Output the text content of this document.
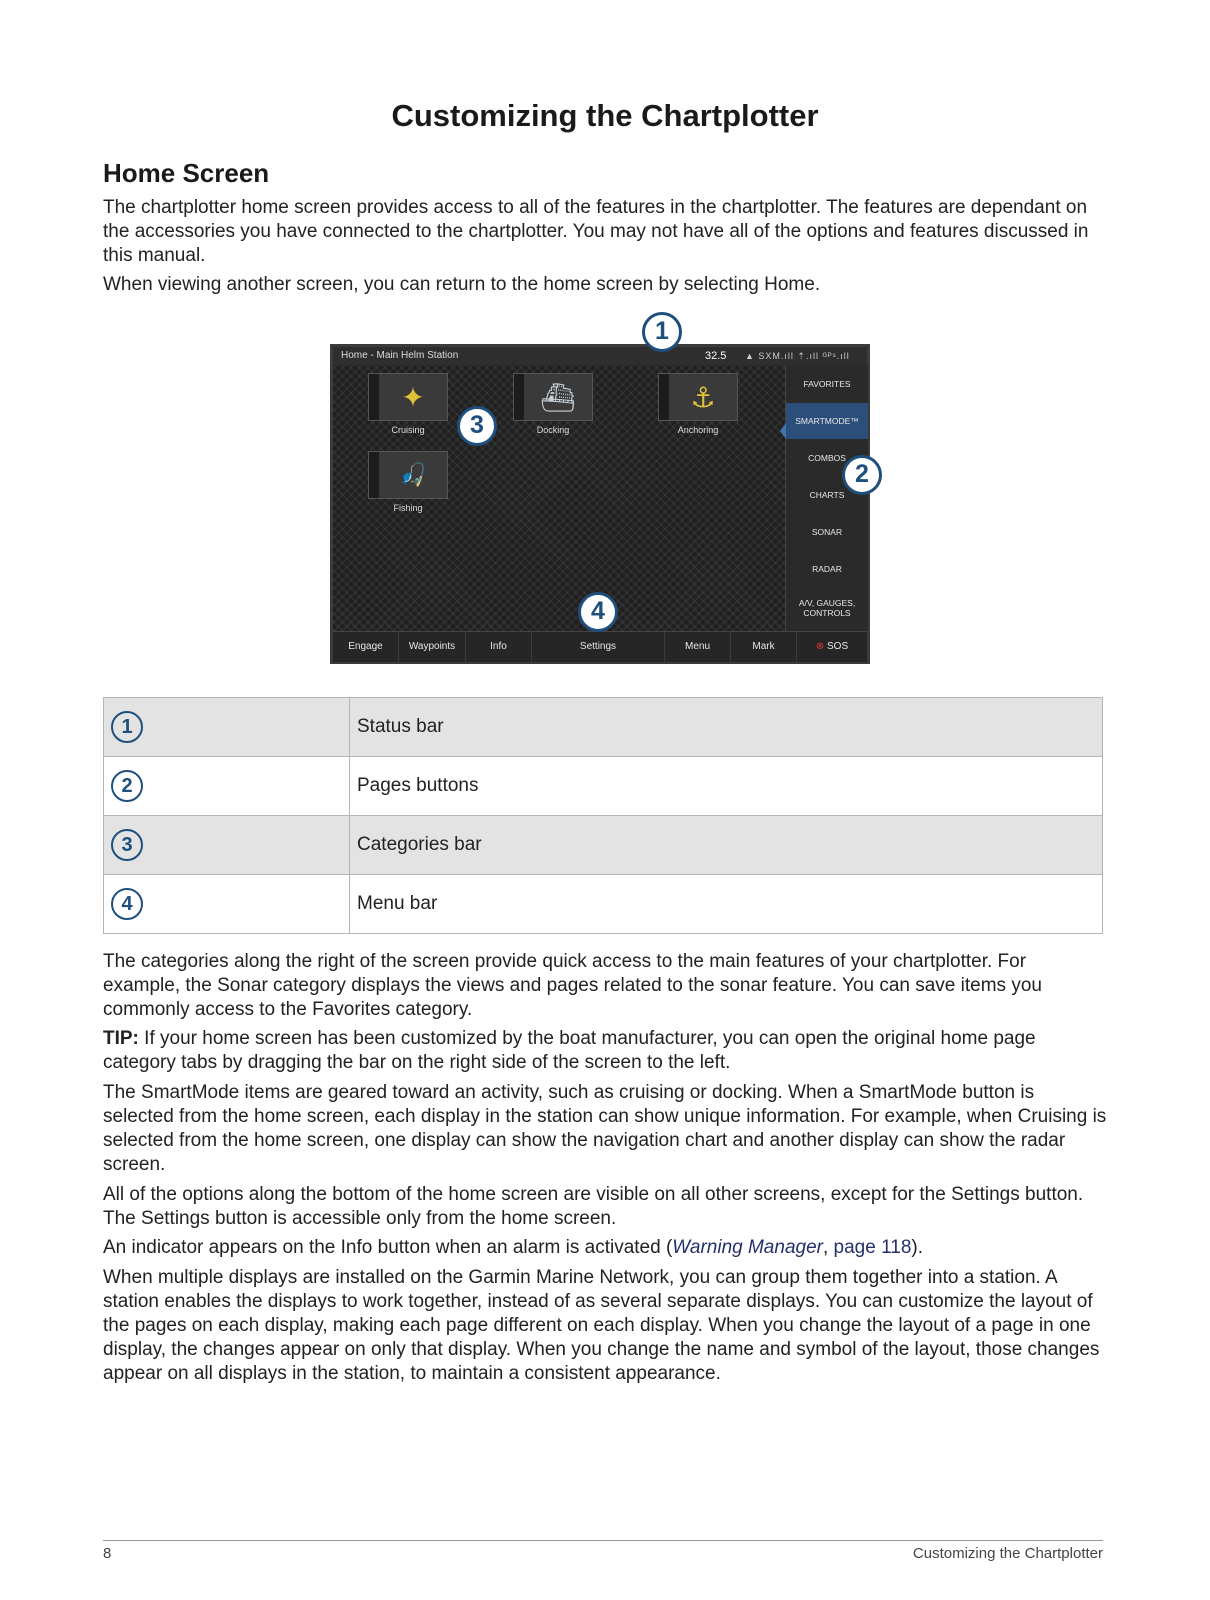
Customizing the Chartplotter
Home Screen

The chartplotter home screen provides access to all of the features in the chartplotter. The features are dependant on the accessories you have connected to the chartplotter. You may not have all of the options and features discussed in this manual.

When viewing another screen, you can return to the home screen by selecting Home.

Home - Main Helm Station	32.5 ▲ SXM.ıll ⇡.ıll ᴳᴾˢ.ıll
✦
Cruising
⛴
Docking
⚓
Anchoring
🎣
Fishing
FAVORITES
SMARTMODE™
COMBOS
CHARTS
SONAR
RADAR
A/V, GAUGES, CONTROLS
Engage	Waypoints	Info	Settings	Menu	Mark	⊗ SOS
1
2
3
4
1	Status bar
2	Pages buttons
3	Categories bar
4	Menu bar

The categories along the right of the screen provide quick access to the main features of your chartplotter. For example, the Sonar category displays the views and pages related to the sonar feature. You can save items you commonly access to the Favorites category.

TIP: If your home screen has been customized by the boat manufacturer, you can open the original home page category tabs by dragging the bar on the right side of the screen to the left.

The SmartMode items are geared toward an activity, such as cruising or docking. When a SmartMode button is selected from the home screen, each display in the station can show unique information. For example, when Cruising is selected from the home screen, one display can show the navigation chart and another display can show the radar screen.

All of the options along the bottom of the home screen are visible on all other screens, except for the Settings button. The Settings button is accessible only from the home screen.

An indicator appears on the Info button when an alarm is activated (Warning Manager, page 118).

When multiple displays are installed on the Garmin Marine Network, you can group them together into a station. A station enables the displays to work together, instead of as several separate displays. You can customize the layout of the pages on each display, making each page different on each display. When you change the layout of a page in one display, the changes appear on only that display. When you change the name and symbol of the layout, those changes appear on all displays in the station, to maintain a consistent appearance.

8	Customizing the Chartplotter
